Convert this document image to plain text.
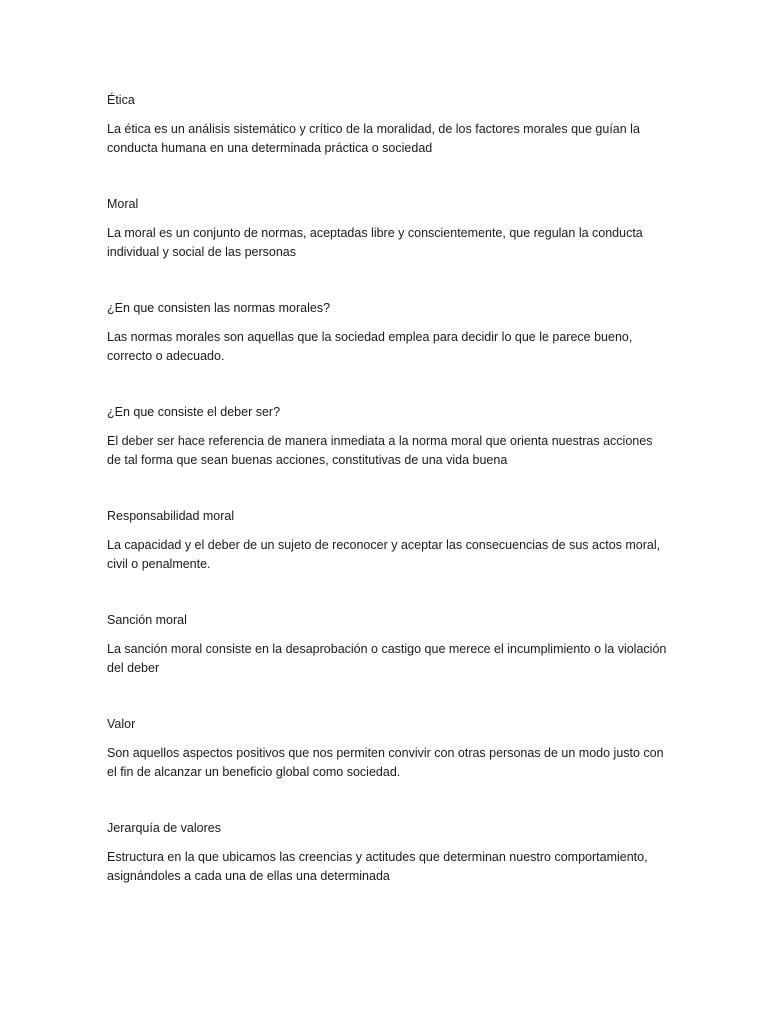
Ética

La ética es un análisis sistemático y crítico de la moralidad, de los factores morales que guían la conducta humana en una determinada práctica o sociedad

Moral

La moral es un conjunto de normas, aceptadas libre y conscientemente, que regulan la conducta individual y social de las personas

¿En que consisten las normas morales?

Las normas morales son aquellas que la sociedad emplea para decidir lo que le parece bueno, correcto o adecuado.

¿En que consiste el deber ser?

El deber ser hace referencia de manera inmediata a la norma moral que orienta nuestras acciones de tal forma que sean buenas acciones, constitutivas de una vida buena

Responsabilidad moral

La capacidad y el deber de un sujeto de reconocer y aceptar las consecuencias de sus actos moral, civil o penalmente.

Sanción moral

La sanción moral consiste en la desaprobación o castigo que merece el incumplimiento o la violación del deber

Valor

Son aquellos aspectos positivos que nos permiten convivir con otras personas de un modo justo con el fin de alcanzar un beneficio global como sociedad.

Jerarquía de valores

Estructura en la que ubicamos las creencias y actitudes que determinan nuestro comportamiento, asignándoles a cada una de ellas una determinada
